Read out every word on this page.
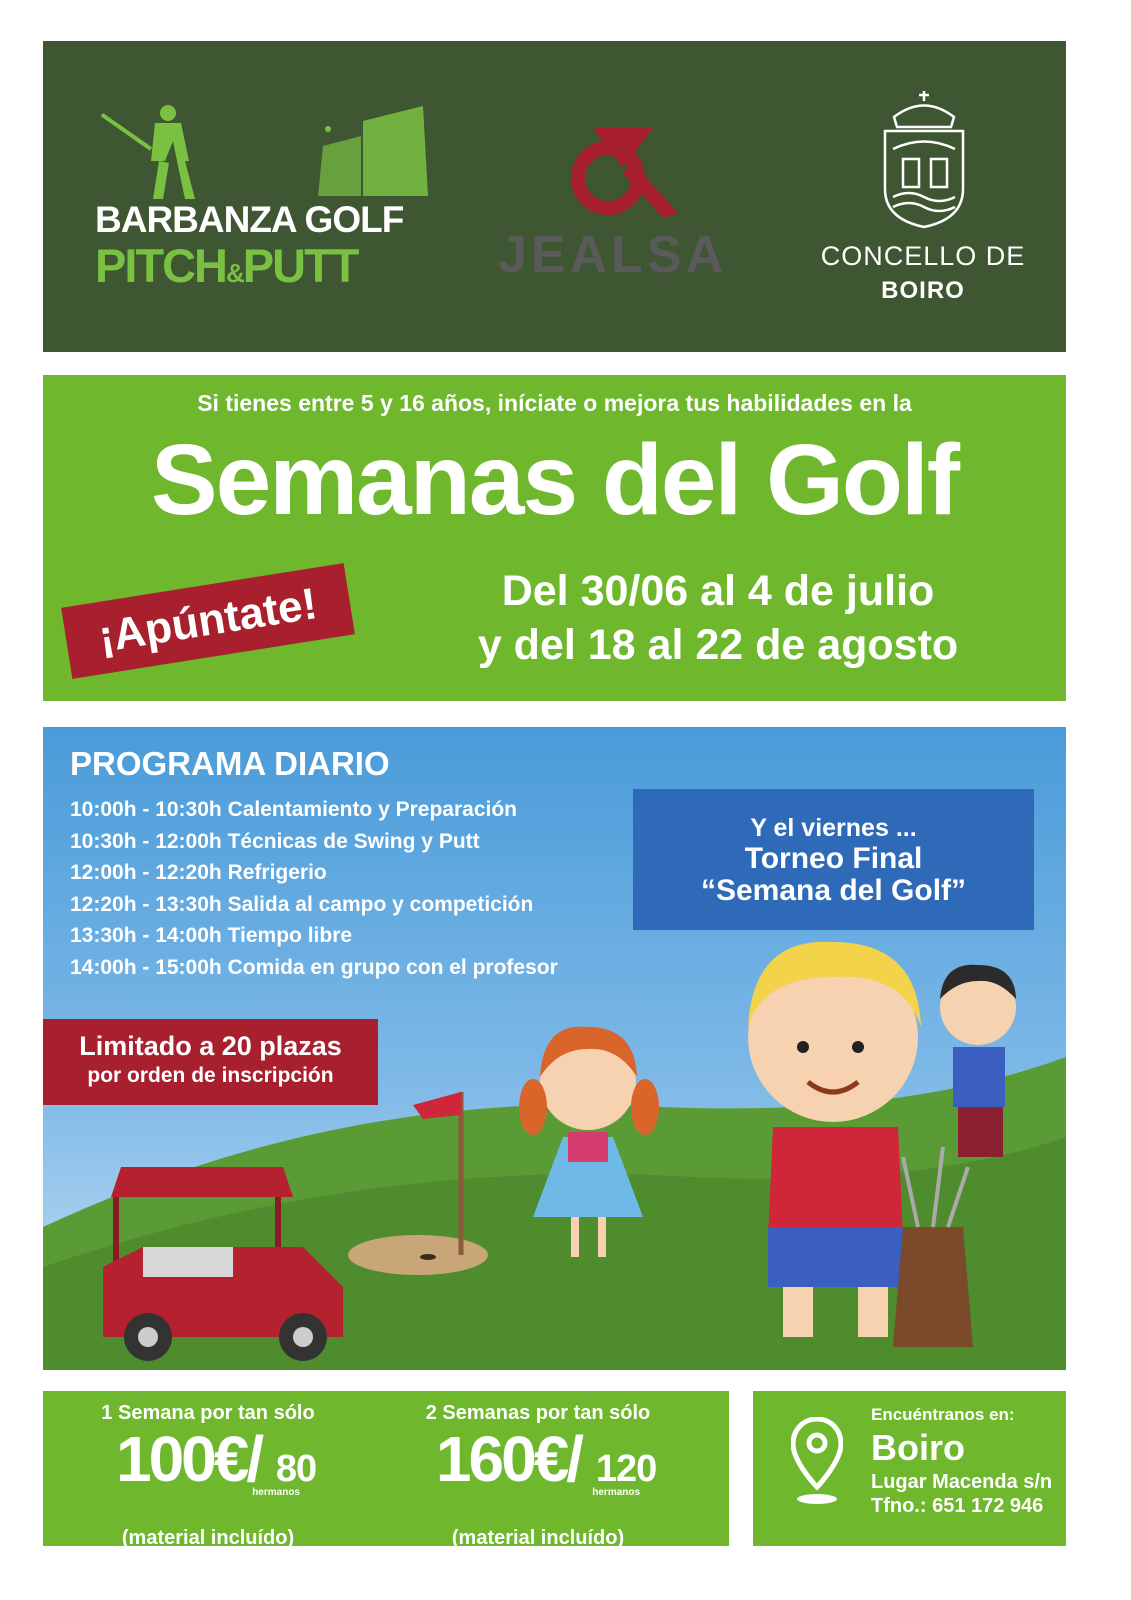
BARBANZA GOLF
PITCH&PUTT	JEALSA	CONCELLO DE
BOIRO
Si tienes entre 5 y 16 años, iníciate o mejora tus habilidades en la
Semanas del Golf
¡Apúntate!	Del 30/06 al 4 de julio
y del 18 al 22 de agosto
PROGRAMA DIARIO
10:00h - 10:30h Calentamiento y Preparación
10:30h - 12:00h Técnicas de Swing y Putt
12:00h - 12:20h Refrigerio
12:20h - 13:30h Salida al campo y competición
13:30h - 14:00h Tiempo libre
14:00h - 15:00h Comida en grupo con el profesor
Y el viernes ...
Torneo Final
“Semana del Golf”
Limitado a 20 plazas
por orden de inscripción
1 Semana por tan sólo
100€/ 80hermanos
(material incluído)
2 Semanas por tan sólo
160€/ 120hermanos
(material incluído)
Encuéntranos en:
Boiro
Lugar Macenda s/n
Tfno.: 651 172 946
